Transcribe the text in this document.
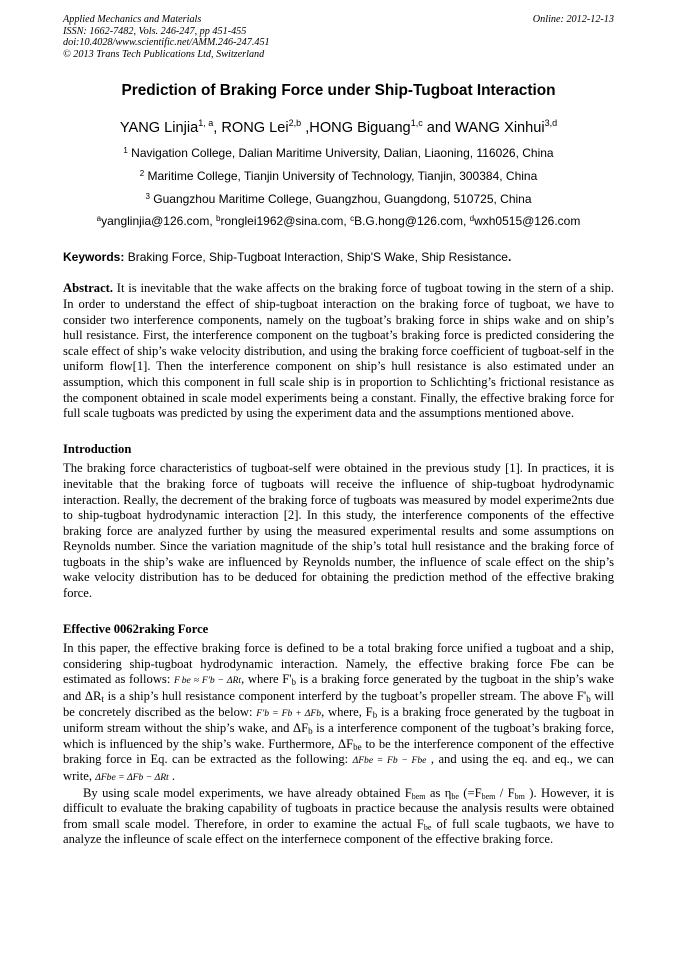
Applied Mechanics and Materials
ISSN: 1662-7482, Vols. 246-247, pp 451-455
doi:10.4028/www.scientific.net/AMM.246-247.451
© 2013 Trans Tech Publications Ltd, Switzerland
Online: 2012-12-13
Prediction of Braking Force under Ship-Tugboat Interaction
YANG Linjia$^{1, a}$, RONG Lei$^{2,b}$ ,HONG Biguang$^{1,c}$ and WANG Xinhui$^{3,d}$
$^1$ Navigation College, Dalian Maritime University, Dalian, Liaoning, 116026, China
$^2$ Maritime College, Tianjin University of Technology, Tianjin, 300384, China
$^3$ Guangzhou Maritime College, Guangzhou, Guangdong, 510725, China
$^a$yanglinjia@126.com, $^b$ronglei1962@sina.com, $^c$B.G.hong@126.com, $^d$wxh0515@126.com
Keywords: Braking Force, Ship-Tugboat Interaction, Ship'S Wake, Ship Resistance.

Abstract. It is inevitable that the wake affects on the braking force of tugboat towing in the stern of a ship. In order to understand the effect of ship-tugboat interaction on the braking force of tugboat, we have to consider two interference components, namely on the tugboat’s braking force in ships wake and on ship’s hull resistance. First, the interference component on the tugboat’s braking force is predicted considering the scale effect of ship’s wake velocity distribution, and using the braking force coefficient of tugboat-self in the uniform flow[1]. Then the interference component on ship’s hull resistance is also estimated under an assumption, which this component in full scale ship is in proportion to Schlichting’s frictional resistance as the component obtained in scale model experiments being a constant. Finally, the effective braking force for full scale tugboats was predicted by using the experiment data and the assumptions mentioned above.

Introduction

The braking force characteristics of tugboat-self were obtained in the previous study [1]. In practices, it is inevitable that the braking force of tugboats will receive the influence of ship-tugboat hydrodynamic interaction. Really, the decrement of the braking force of tugboats was measured by model experime2nts due to ship-tugboat hydrodynamic interaction [2]. In this study, the interference components of the effective braking force are analyzed further by using the measured experimental results and some assumptions on Reynolds number. Since the variation magnitude of the ship’s total hull resistance and the braking force of tugboats in the ship’s wake are influenced by Reynolds number, the influence of scale effect on the ship’s wake velocity distribution has to be deduced for obtaining the prediction method of the effective braking force.

Effective 0062raking Force

In this paper, the effective braking force is defined to be a total braking force unified a tugboat and a ship, considering ship-tugboat hydrodynamic interaction. Namely, the effective braking force Fbe can be estimated as follows: F be ≈ F′b − ΔRt, where $F'_b$ is a braking force generated by the tugboat in the ship’s wake and $\Delta R_t$ is a ship’s hull resistance component interferd by the tugboat’s propeller stream. The above $F'_b$ will be concretely discribed as the below: F′b = Fb + ΔFb, where, $F_b$ is a braking froce generated by the tugboat in uniform stream without the ship’s wake, and $\Delta F_b$ is a interference component of the tugboat’s braking force, which is influenced by the ship’s wake. Furthermore, $\Delta F_{be}$ to be the interference component of the effective braking force in Eq. can be extracted as the following: ΔFbe = Fb − Fbe , and using the eq. and eq., we can write, ΔFbe = ΔFb − ΔRt .

By using scale model experiments, we have already obtained $F_{bem}$ as $\eta_{be}$ ($=F_{bem} / F_{bm}$ ). However, it is difficult to evaluate the braking capability of tugboats in practice because the analysis results were obtained from small scale model. Therefore, in order to examine the actual $F_{be}$ of full scale tugbaots, we have to analyze the infleunce of scale effect on the interfernece component of the effective braking force.
